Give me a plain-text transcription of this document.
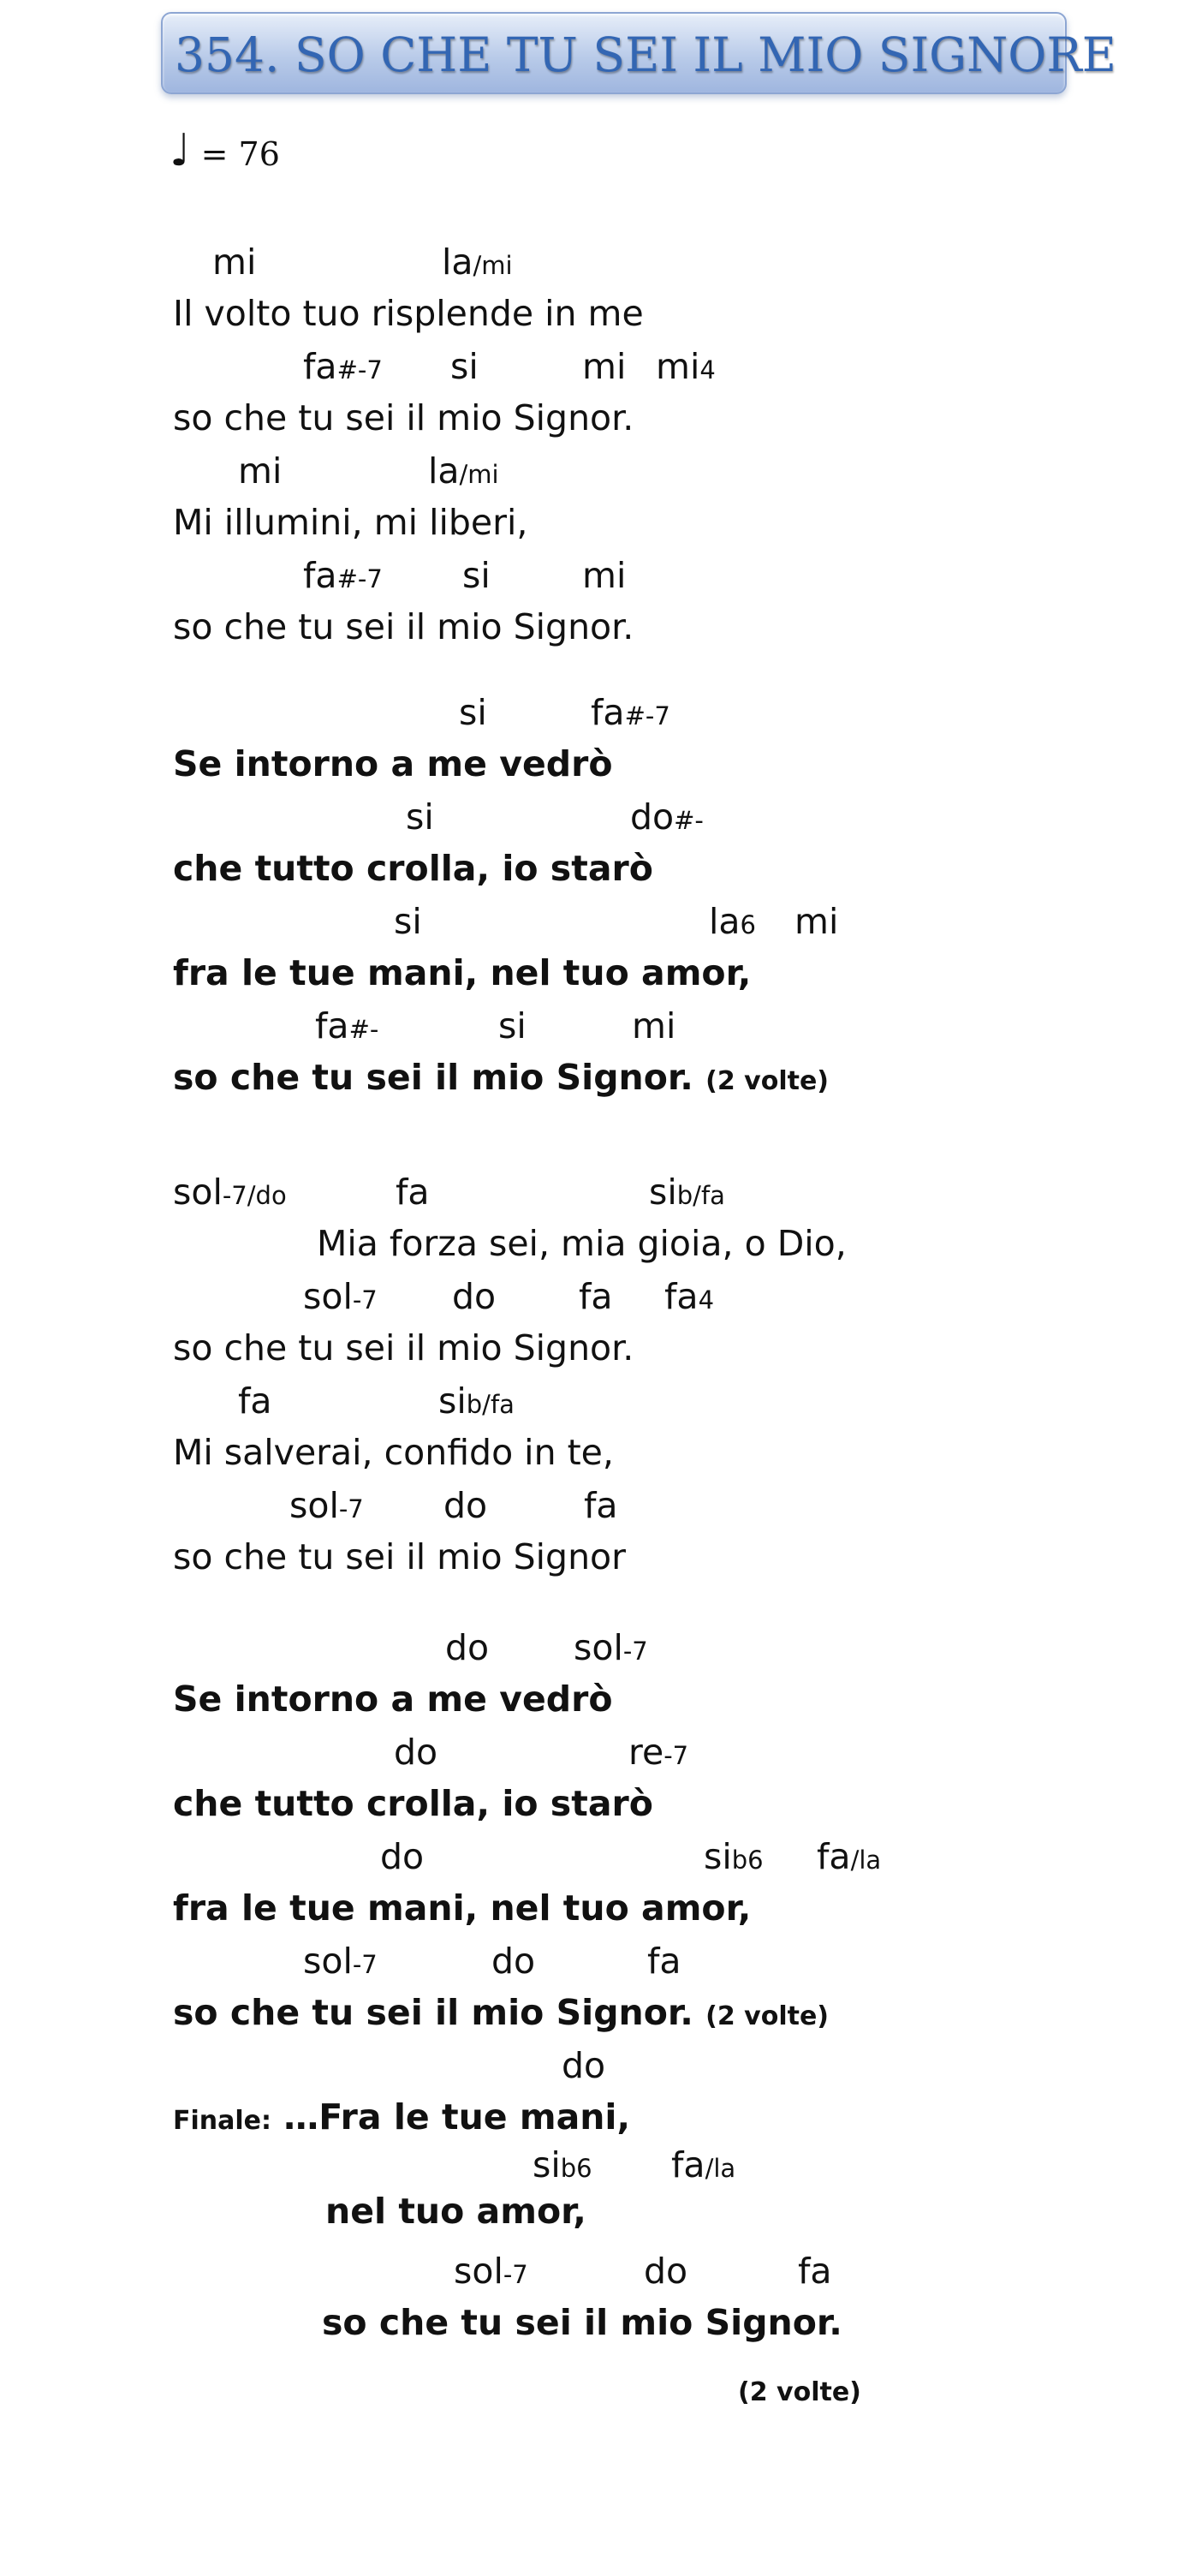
354. SO CHE TU SEI IL MIO SIGNORE
♩ = 76
mi	la/mi
Il volto tuo risplende in me
fa#-7 si	mi mi4
so che tu sei il mio Signor.
mi	la/mi
Mi illumini, mi liberi,
fa#-7 si	mi
so che tu sei il mio Signor.
si	fa#-7
Se intorno a me vedrò
si	do#-
che tutto crolla, io starò
si	la6 mi
fra le tue mani, nel tuo amor,
fa#-	si	mi
so che tu sei il mio Signor. (2 volte)
sol-7/do	fa	sib/fa
Mia forza sei, mia gioia, o Dio,
sol-7 do fa fa4
so che tu sei il mio Signor.
fa	sib/fa
Mi salverai, confido in te,
sol-7 do	fa
so che tu sei il mio Signor
do sol-7
Se intorno a me vedrò
do	re-7
che tutto crolla, io starò
do	sib6 fa/la
fra le tue mani, nel tuo amor,
sol-7	do	fa
so che tu sei il mio Signor. (2 volte)
do
Finale: …Fra le tue mani,
sib6 fa/la
nel tuo amor,
sol-7	do	fa
so che tu sei il mio Signor.
(2 volte)
